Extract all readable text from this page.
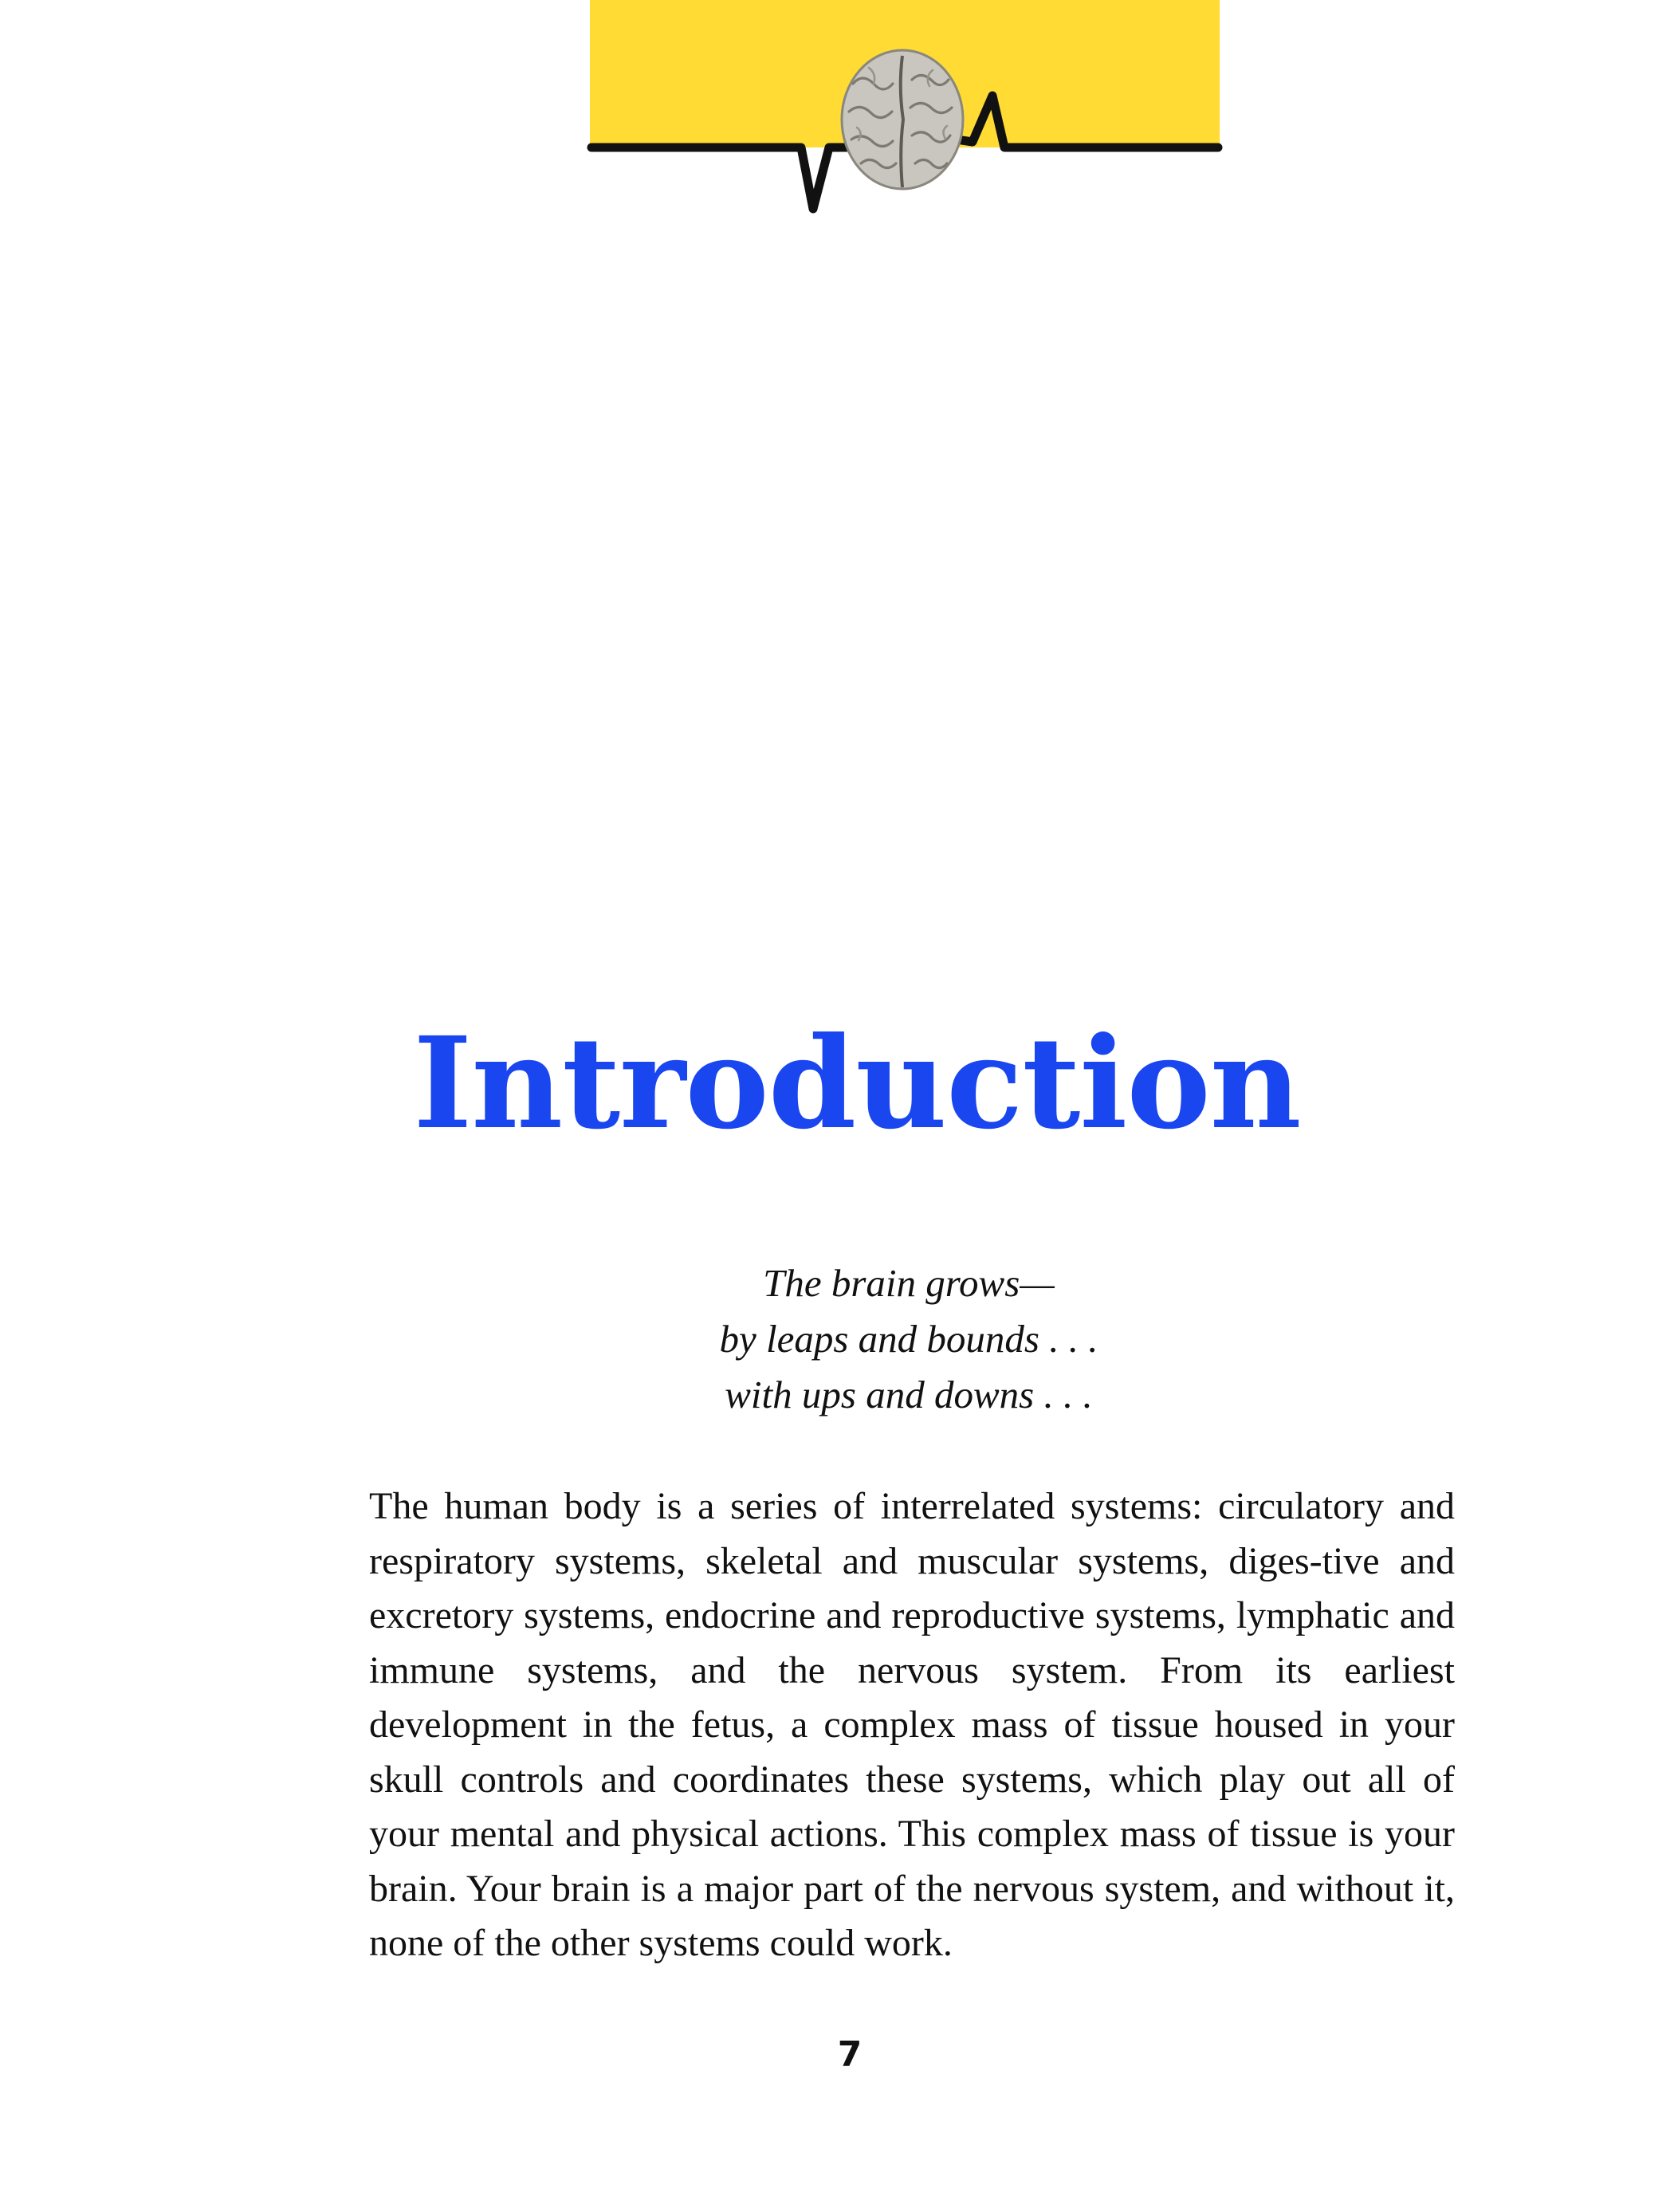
Introduction
The brain grows—
by leaps and bounds . . .
with ups and downs . . .

The human body is a series of interrelated systems: circulatory and respiratory systems, skeletal and muscular systems, diges-tive and excretory systems, endocrine and reproductive systems, lymphatic and immune systems, and the nervous system. From its earliest development in the fetus, a complex mass of tissue housed in your skull controls and coordinates these systems, which play out all of your mental and physical actions. This complex mass of tissue is your brain. Your brain is a major part of the nervous system, and without it, none of the other systems could work.

7
